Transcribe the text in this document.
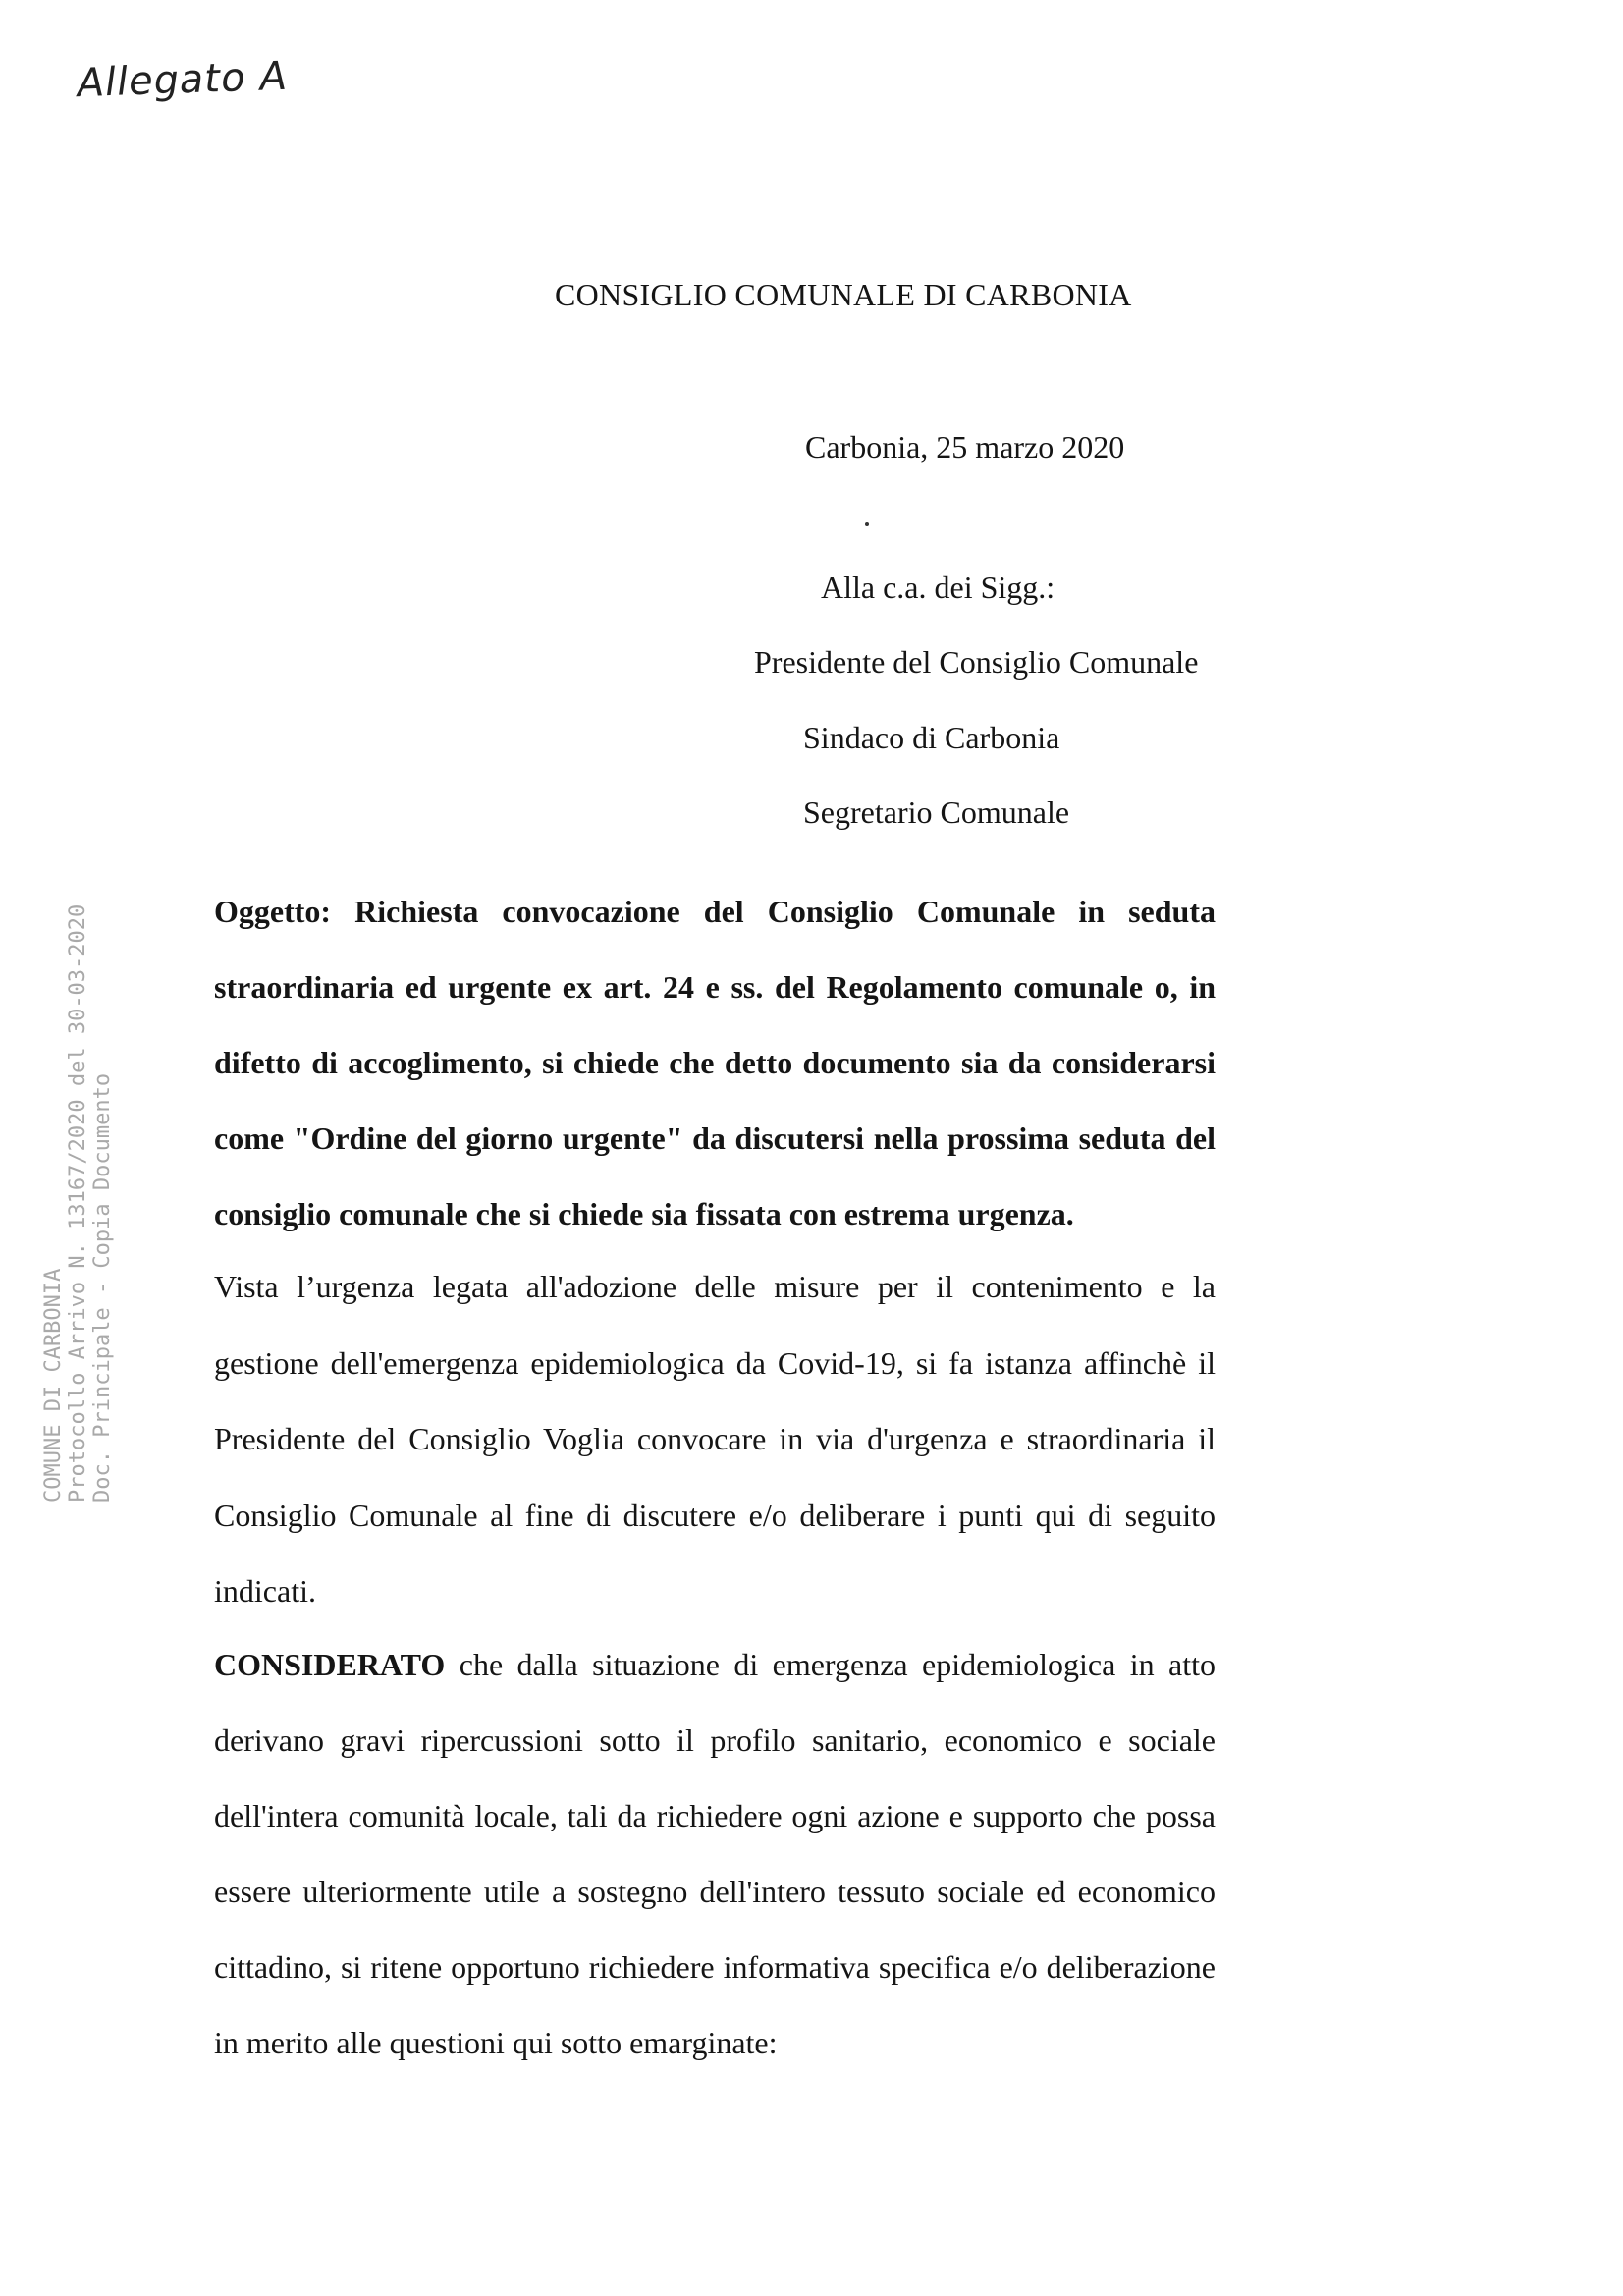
Allegato A
CONSIGLIO COMUNALE DI CARBONIA
Carbonia, 25 marzo 2020
Alla c.a. dei Sigg.:
Presidente del Consiglio Comunale
Sindaco di Carbonia
Segretario Comunale
COMUNE DI CARBONIA Protocollo Arrivo N. 13167/2020 del 30-03-2020 Doc. Principale - Copia Documento
Oggetto: Richiesta convocazione del Consiglio Comunale in seduta straordinaria ed urgente ex art. 24 e ss. del Regolamento comunale o, in difetto di accoglimento, si chiede che detto documento sia da considerarsi come "Ordine del giorno urgente" da discutersi nella prossima seduta del consiglio comunale che si chiede sia fissata con estrema urgenza.
Vista l’urgenza legata all'adozione delle misure per il contenimento e la gestione dell'emergenza epidemiologica da Covid-19, si fa istanza affinchè il Presidente del Consiglio Voglia convocare in via d'urgenza e straordinaria il Consiglio Comunale al fine di discutere e/o deliberare i punti qui di seguito indicati.
CONSIDERATO che dalla situazione di emergenza epidemiologica in atto derivano gravi ripercussioni sotto il profilo sanitario, economico e sociale dell'intera comunità locale, tali da richiedere ogni azione e supporto che possa essere ulteriormente utile a sostegno dell'intero tessuto sociale ed economico cittadino, si ritene opportuno richiedere informativa specifica e/o deliberazione in merito alle questioni qui sotto emarginate:
